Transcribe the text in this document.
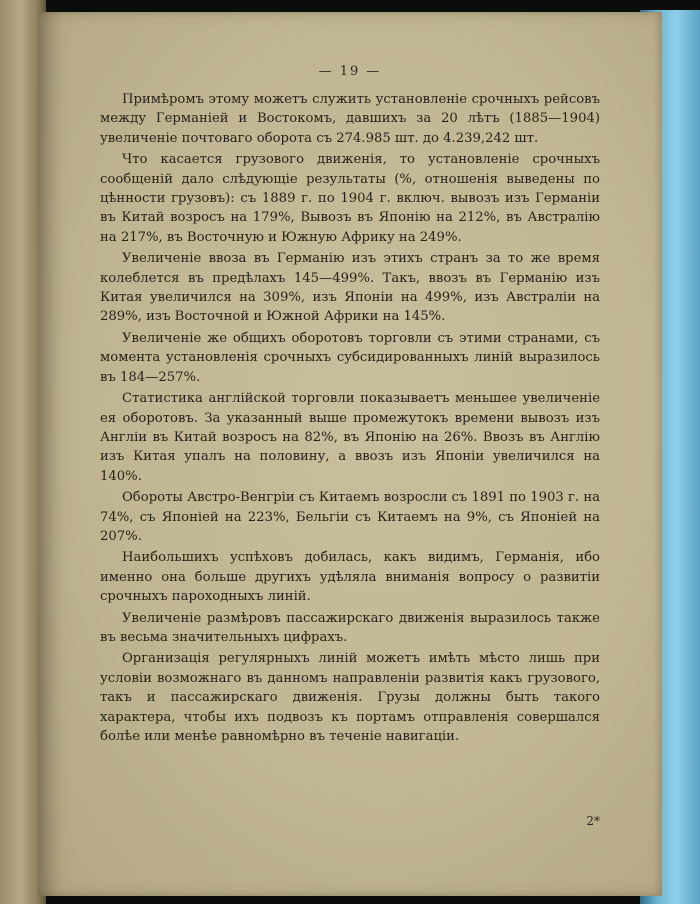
— 19 —

Примѣромъ этому можетъ служить установленіе срочныхъ рейсовъ между Германіей и Востокомъ, давшихъ за 20 лѣтъ (1885—1904) увеличеніе почтоваго оборота съ 274.985 шт. до 4.239,242 шт.

Что касается грузового движенія, то установленіе срочныхъ сообщеній дало слѣдующіе результаты (%, отношенія выведены по цѣнности грузовъ): съ 1889 г. по 1904 г. включ. вывозъ изъ Германіи въ Китай возросъ на 179%, Вывозъ въ Японію на 212%, въ Австралію на 217%, въ Восточную и Южную Африку на 249%.

Увеличеніе ввоза въ Германію изъ этихъ странъ за то же время колеблется въ предѣлахъ 145—499%. Такъ, ввозъ въ Германію изъ Китая увеличился на 309%, изъ Японіи на 499%, изъ Австраліи на 289%, изъ Восточной и Южной Африки на 145%.

Увеличеніе же общихъ оборотовъ торговли съ этими странами, съ момента установленія срочныхъ субсидированныхъ линій выразилось въ 184—257%.

Статистика англійской торговли показываетъ меньшее увеличеніе ея оборотовъ. За указанный выше промежутокъ времени вывозъ изъ Англіи въ Китай возросъ на 82%, въ Японію на 26%. Ввозъ въ Англію изъ Китая упалъ на половину, а ввозъ изъ Японіи увеличился на 140%.

Обороты Австро-Венгріи съ Китаемъ возросли съ 1891 по 1903 г. на 74%, съ Японіей на 223%, Бельгіи съ Китаемъ на 9%, съ Японіей на 207%.

Наибольшихъ успѣховъ добилась, какъ видимъ, Германія, ибо именно она больше другихъ удѣляла вниманія вопросу о развитіи срочныхъ пароходныхъ линій.

Увеличеніе размѣровъ пассажирскаго движенія выразилось также въ весьма значительныхъ цифрахъ.

Организація регулярныхъ линій можетъ имѣть мѣсто лишь при условіи возможнаго въ данномъ направленіи развитія какъ грузового, такъ и пассажирскаго движенія. Грузы должны быть такого характера, чтобы ихъ подвозъ къ портамъ отправленія совершался болѣе или менѣе равномѣрно въ теченіе навигаціи.

2*
